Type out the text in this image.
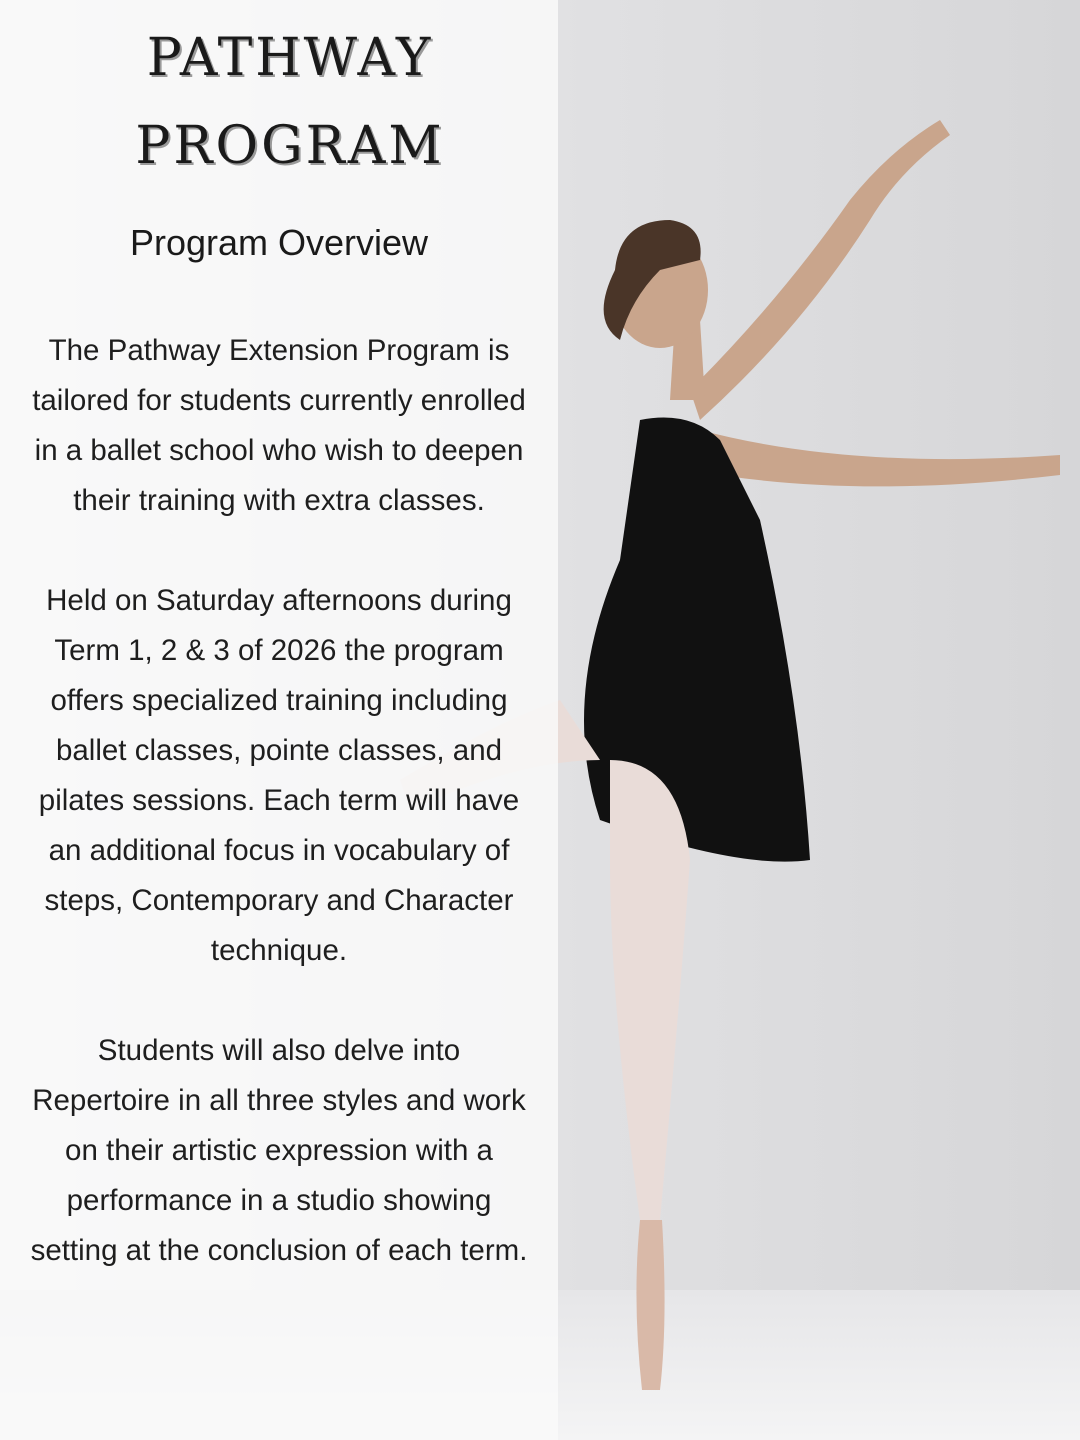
PATHWAY
PROGRAM
Program Overview

The Pathway Extension Program is tailored for students currently enrolled in a ballet school who wish to deepen their training with extra classes.

Held on Saturday afternoons during Term 1, 2 & 3 of 2026 the program offers specialized training including ballet classes, pointe classes, and pilates sessions. Each term will have an additional focus in vocabulary of steps, Contemporary and Character technique.

Students will also delve into Repertoire in all three styles and work on their artistic expression with a performance in a studio showing setting at the conclusion of each term.
